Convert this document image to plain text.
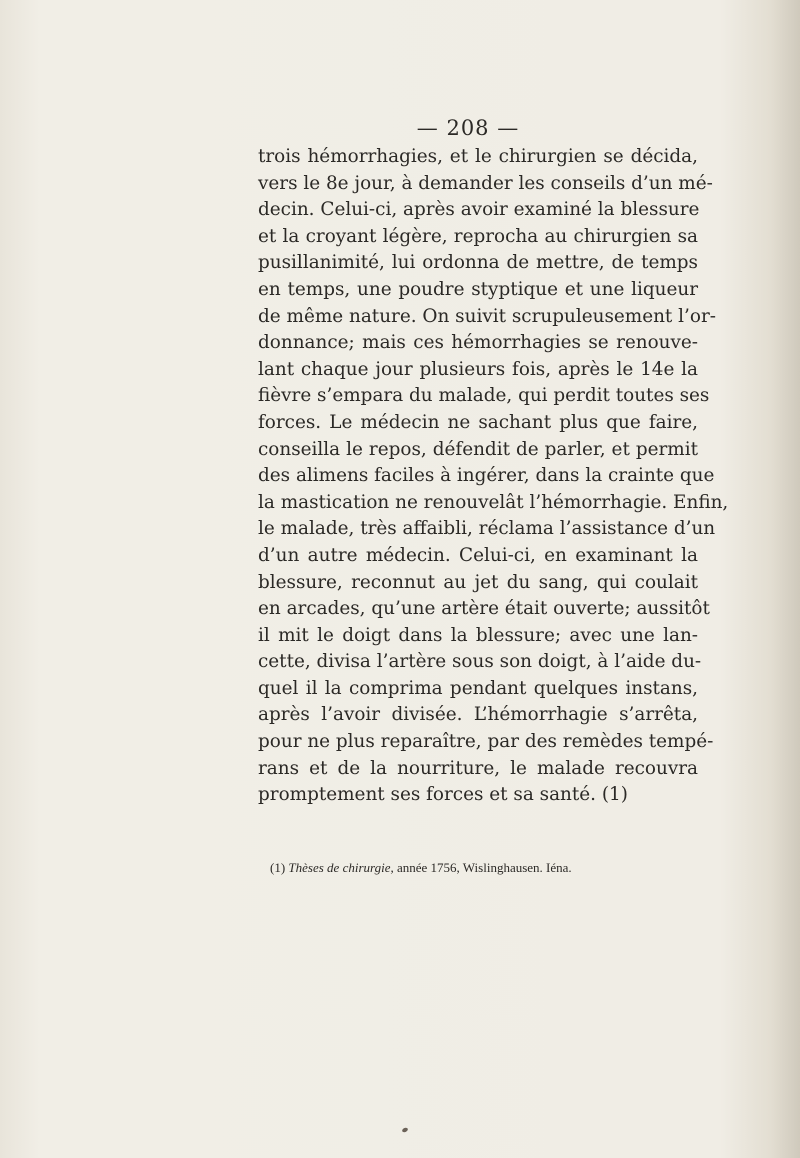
— 208 —
trois hémorrhagies, et le chirurgien se décida,
vers le 8e jour, à demander les conseils d’un mé-
decin. Celui-ci, après avoir examiné la blessure
et la croyant légère, reprocha au chirurgien sa
pusillanimité, lui ordonna de mettre, de temps
en temps, une poudre styptique et une liqueur
de même nature. On suivit scrupuleusement l’or-
donnance; mais ces hémorrhagies se renouve-
lant chaque jour plusieurs fois, après le 14e la
fièvre s’empara du malade, qui perdit toutes ses
forces. Le médecin ne sachant plus que faire,
conseilla le repos, défendit de parler, et permit
des alimens faciles à ingérer, dans la crainte que
la mastication ne renouvelât l’hémorrhagie. Enfin,
le malade, très affaibli, réclama l’assistance d’un
d’un autre médecin. Celui-ci, en examinant la
blessure, reconnut au jet du sang, qui coulait
en arcades, qu’une artère était ouverte; aussitôt
il mit le doigt dans la blessure; avec une lan-
cette, divisa l’artère sous son doigt, à l’aide du-
quel il la comprima pendant quelques instans,
après l’avoir divisée. L’hémorrhagie s’arrêta,
pour ne plus reparaître, par des remèdes tempé-
rans et de la nourriture, le malade recouvra
promptement ses forces et sa santé. (1)
(1) Thèses de chirurgie, année 1756, Wislinghausen. Iéna.
